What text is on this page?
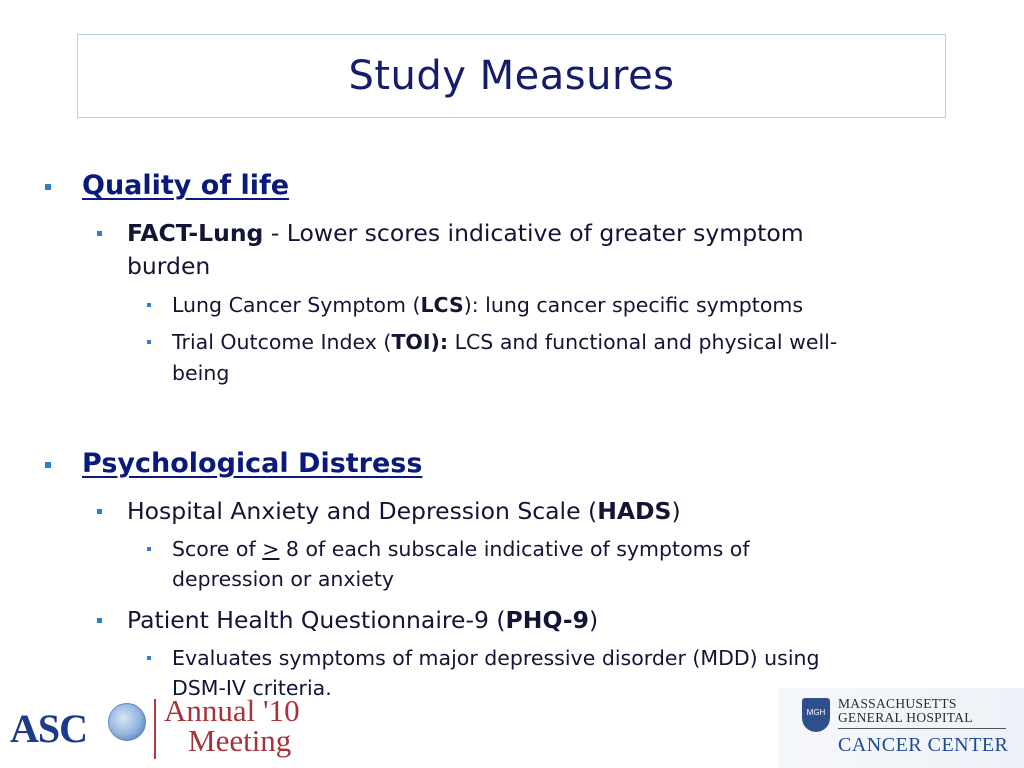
Study Measures
Quality of life
FACT-Lung - Lower scores indicative of greater symptom
burden
Lung Cancer Symptom (LCS): lung cancer specific symptoms
Trial Outcome Index (TOI): LCS and functional and physical well-
being
Psychological Distress
Hospital Anxiety and Depression Scale (HADS)
Score of ≥ 8 of each subscale indicative of symptoms of
depression or anxiety
Patient Health Questionnaire-9 (PHQ-9)
Evaluates symptoms of major depressive disorder (MDD) using
DSM-IV criteria.
ASC Annual '10
Meeting
MGH
MASSACHUSETTS
GENERAL HOSPITAL
CANCER CENTER
